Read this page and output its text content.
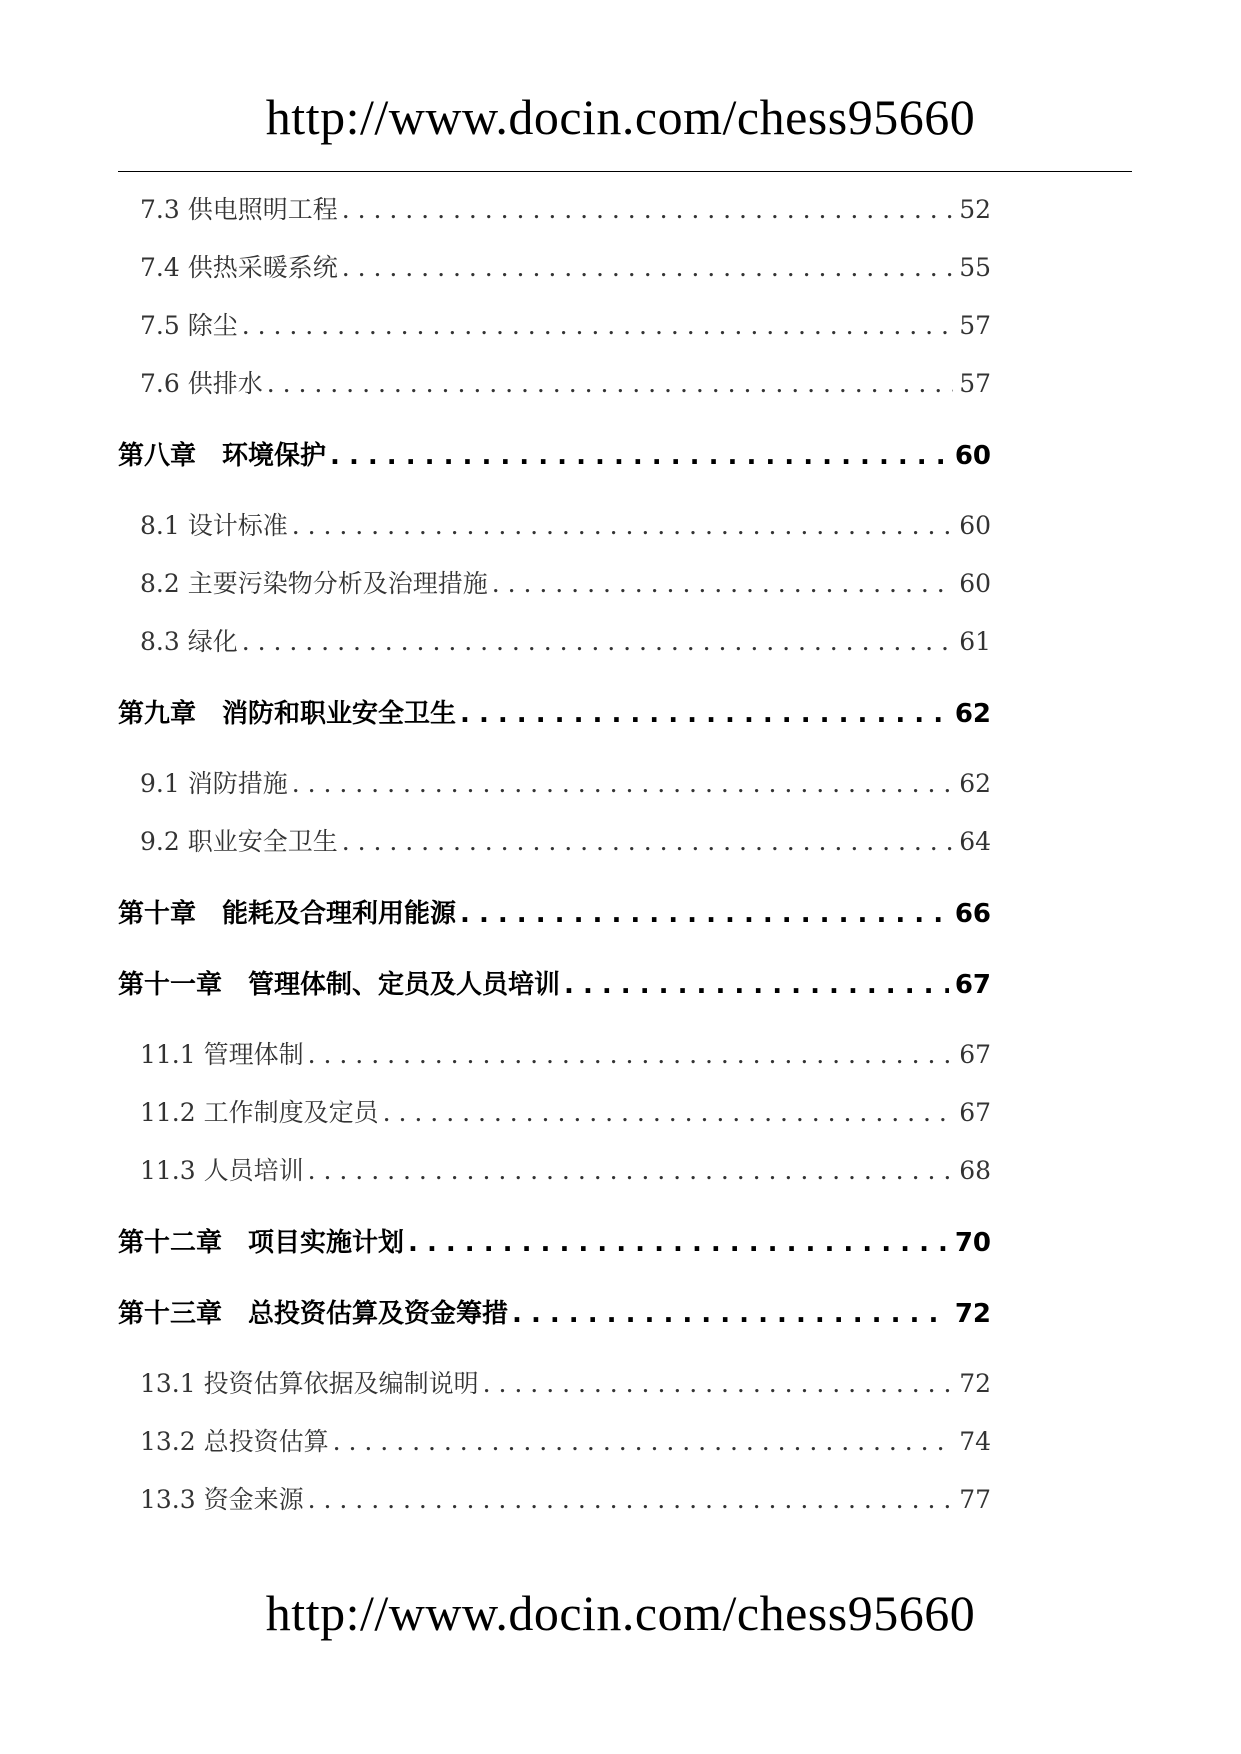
http://www.docin.com/chess95660
7.3 供电照明工程 . . .	52
7.4 供热采暖系统 . . .	55
7.5 除尘 . . .	57
7.6 供排水 . . .	57
第八章　环境保护 . . .	60
8.1 设计标准 . . .	60
8.2 主要污染物分析及治理措施 . . .	60
8.3 绿化 . . .	61
第九章　消防和职业安全卫生 . . .	62
9.1 消防措施 . . .	62
9.2 职业安全卫生 . . .	64
第十章　能耗及合理利用能源 . . .	66
第十一章　管理体制、定员及人员培训 . . .	67
11.1 管理体制 . . .	67
11.2 工作制度及定员 . . .	67
11.3 人员培训 . . .	68
第十二章　项目实施计划 . . .	70
第十三章　总投资估算及资金筹措 . . .	72
13.1 投资估算依据及编制说明 . . .	72
13.2 总投资估算 . . .	74
13.3 资金来源 . . .	77
http://www.docin.com/chess95660
